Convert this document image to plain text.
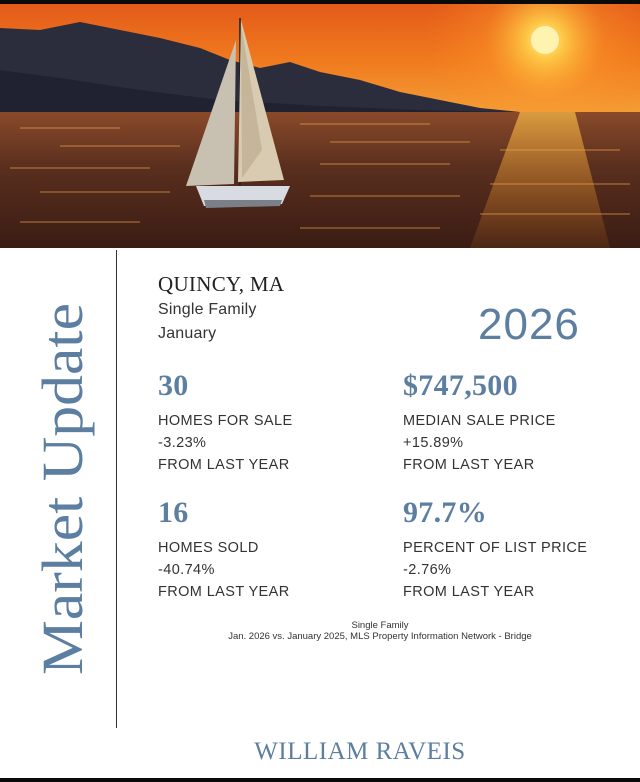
Market Update
QUINCY, MA
Single Family
January	2026
30
HOMES FOR SALE
-3.23%
FROM LAST YEAR
$747,500
MEDIAN SALE PRICE
+15.89%
FROM LAST YEAR
16
HOMES SOLD
-40.74%
FROM LAST YEAR
97.7%
PERCENT OF LIST PRICE
-2.76%
FROM LAST YEAR
Single Family
Jan. 2026 vs. January 2025, MLS Property Information Network - Bridge
WILLIAM RAVEIS
